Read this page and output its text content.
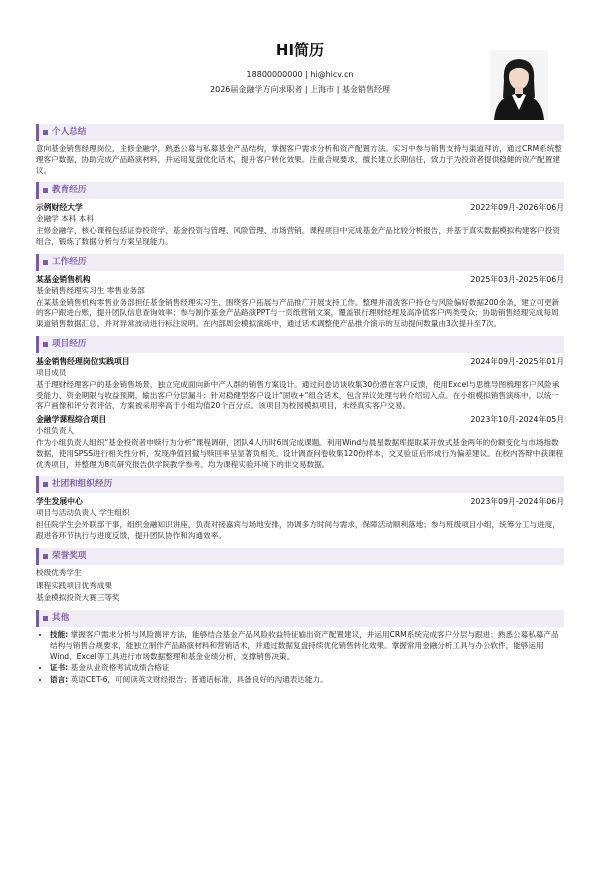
HI简历
18800000000 | hi@hicv.cn
2026届金融学方向求职者 | 上海市 | 基金销售经理
个人总结
意向基金销售经理岗位，主修金融学，熟悉公募与私募基金产品结构，掌握客户需求分析和资产配置方法。实习中参与销售支持与渠道拜访，通过CRM系统整理客户数据，协助完成产品路演材料，并运用复盘优化话术，提升客户转化效果。注重合规要求，擅长建立长期信任，致力于为投资者提供稳健的资产配置建议。
教育经历
示例财经大学	2022年09月-2026年06月
金融学 本科 本科
主修金融学，核心课程包括证券投资学、基金投资与管理、风险管理、市场营销。课程项目中完成基金产品比较分析报告，并基于真实数据模拟构建客户投资组合，锻炼了数据分析与方案呈现能力。
工作经历
某基金销售机构	2025年03月-2025年06月
基金销售经理实习生 零售业务部
在某基金销售机构零售业务部担任基金销售经理实习生，围绕客户拓展与产品推广开展支持工作。整理并清洗客户持仓与风险偏好数据200余条，建立可更新的客户跟进台账，提升团队信息查询效率；参与制作基金产品路演PPT与一页纸营销文案，覆盖银行理财经理及高净值客户两类受众；协助销售经理完成每周渠道销售数据汇总，并对异常波动进行标注说明。在内部周会模拟演练中，通过话术调整使产品推介演示的互动提问数量由3次提升至7次。
项目经历
基金销售经理岗位实践项目	2024年09月-2025年01月
项目成员
基于理财经理客户的基金销售场景，独立完成面向新中产人群的销售方案设计。通过问卷访谈收集30份潜在客户反馈，使用Excel与思维导图梳理客户风险承受能力、资金期限与收益预期，输出客户分层漏斗；针对稳健型客户设计“固收+”组合话术，包含异议处理与转介绍切入点。在小组模拟销售演练中，以统一客户画像和评分表评估，方案被采用率高于小组均值20个百分点。该项目为校园模拟项目，未经真实客户交易。
金融学课程综合项目	2023年10月-2024年05月
小组负责人
作为小组负责人组织“基金投资者申赎行为分析”课程调研，团队4人历时6周完成课题。利用Wind与晨星数据库提取某开放式基金两年的份额变化与市场指数数据，使用SPSS进行相关性分析，发现净值回撤与赎回率呈显著负相关。设计调查问卷收集120份样本，交叉验证后形成行为偏差建议。在校内答辩中获课程优秀项目，并整理为8页研究报告供学院教学参考。均为课程实验环境下的非交易数据。
社团和组织经历
学生发展中心	2023年09月-2024年06月
项目与活动负责人 学生组织
担任院学生会外联部干事，组织金融知识讲座，负责对接嘉宾与场地安排，协调多方时间与需求，保障活动顺利落地；参与班级项目小组，统筹分工与进度，跟进各环节执行与进度反馈，提升团队协作和沟通效率。
荣誉奖项
校级优秀学生
课程实践项目优秀成果
基金模拟投资大赛三等奖
其他
• 技能: 掌握客户需求分析与风险测评方法，能够结合基金产品风险收益特征输出资产配置建议，并运用CRM系统完成客户分层与跟进；熟悉公募私募产品结构与销售合规要求，能独立制作产品路演材料和营销话术，并通过数据复盘持续优化销售转化效果。掌握常用金融分析工具与办公软件，能够运用Wind、Excel等工具进行市场数据整理和基金业绩分析，支撑销售决策。
• 证书: 基金从业资格考试成绩合格证
• 语言: 英语CET-6，可阅读英文财经报告；普通话标准，具备良好的沟通表达能力。
